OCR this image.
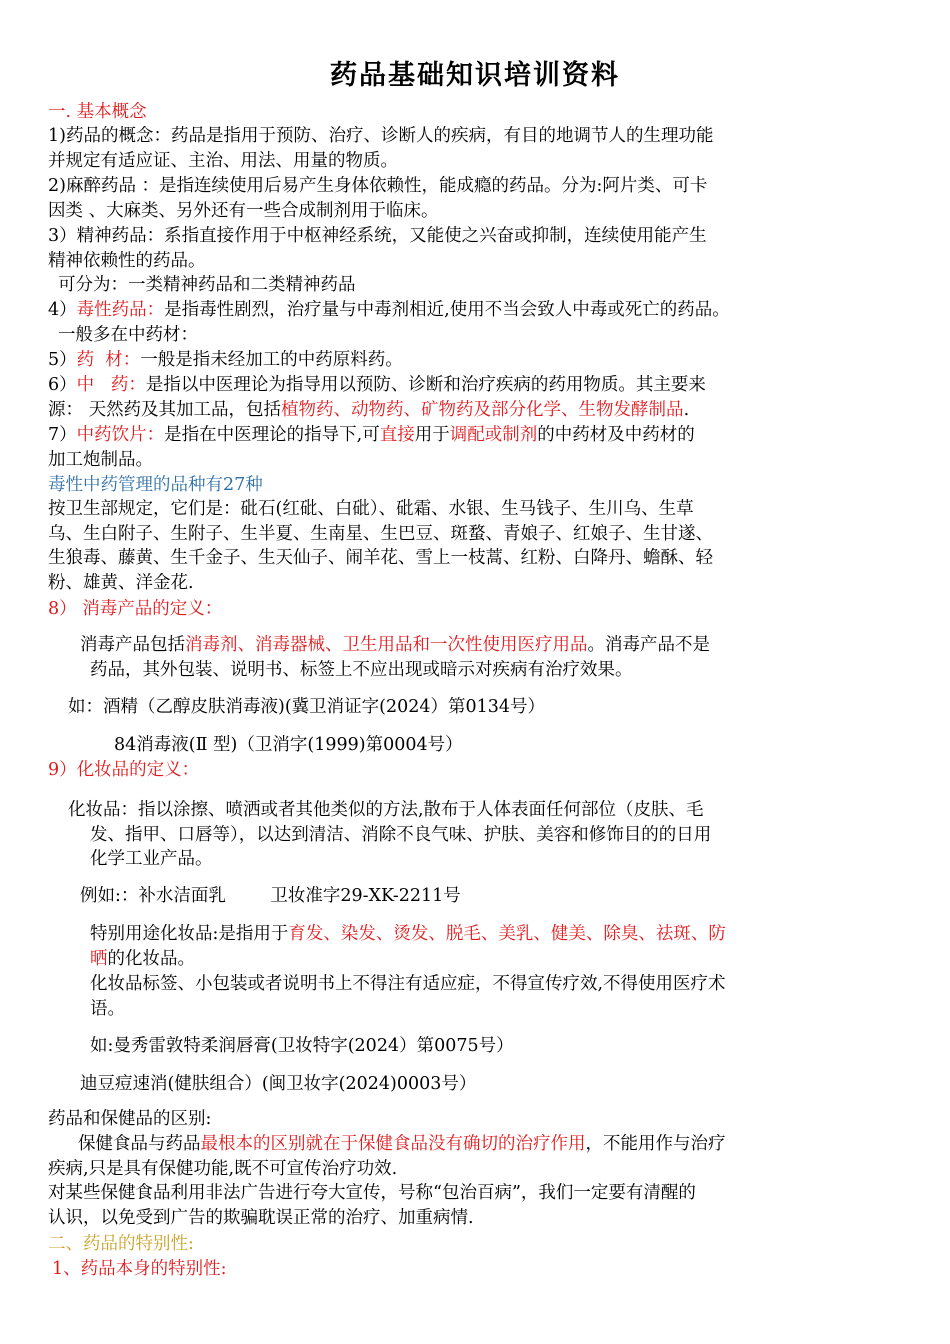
药品基础知识培训资料
一. 基本概念
1)药品的概念：药品是指用于预防、治疗、诊断人的疾病，有目的地调节人的生理功能
并规定有适应证、主治、用法、用量的物质。
2)麻醉药品 ：是指连续使用后易产生身体依赖性，能成瘾的药品。分为:阿片类、可卡
因类 、大麻类、另外还有一些合成制剂用于临床。
3）精神药品：系指直接作用于中枢神经系统，又能使之兴奋或抑制，连续使用能产生
精神依赖性的药品。
可分为：一类精神药品和二类精神药品
4）毒性药品：是指毒性剧烈，治疗量与中毒剂相近,使用不当会致人中毒或死亡的药品。
一般多在中药材：
5）药  材：一般是指未经加工的中药原料药。
6）中   药：是指以中医理论为指导用以预防、诊断和治疗疾病的药用物质。其主要来
源： 天然药及其加工品，包括植物药、动物药、矿物药及部分化学、生物发酵制品.
7）中药饮片：是指在中医理论的指导下,可直接用于调配或制剂的中药材及中药材的
加工炮制品。
毒性中药管理的品种有27种
按卫生部规定，它们是：砒石(红砒、白砒）、砒霜、水银、生马钱子、生川乌、生草
乌、生白附子、生附子、生半夏、生南星、生巴豆、斑蝥、青娘子、红娘子、生甘遂、
生狼毒、藤黄、生千金子、生天仙子、闹羊花、雪上一枝蒿、红粉、白降丹、蟾酥、轻
粉、雄黄、洋金花.
8） 消毒产品的定义：
消毒产品包括消毒剂、消毒器械、卫生用品和一次性使用医疗用品。消毒产品不是
药品，其外包装、说明书、标签上不应出现或暗示对疾病有治疗效果。
如：酒精（乙醇皮肤消毒液)(冀卫消证字(2024）第0134号）
84消毒液(Ⅱ 型)（卫消字(1999)第0004号）
9）化妆品的定义：
化妆品：指以涂擦、喷洒或者其他类似的方法,散布于人体表面任何部位（皮肤、毛
发、指甲、口唇等），以达到清洁、消除不良气味、护肤、美容和修饰目的的日用
化学工业产品。
例如:：补水洁面乳        卫妆准字29-XK-2211号
特别用途化妆品:是指用于育发、染发、烫发、脱毛、美乳、健美、除臭、祛斑、防
晒的化妆品。
化妆品标签、小包装或者说明书上不得注有适应症，不得宣传疗效,不得使用医疗术
语。
如:曼秀雷敦特柔润唇膏(卫妆特字(2024）第0075号）
迪豆痘速消(健肤组合）(闽卫妆字(2024)0003号）
药品和保健品的区别:
保健食品与药品最根本的区别就在于保健食品没有确切的治疗作用，不能用作与治疗
疾病,只是具有保健功能,既不可宣传治疗功效.
对某些保健食品利用非法广告进行夸大宣传，号称“包治百病”，我们一定要有清醒的
认识，以免受到广告的欺骗耽误正常的治疗、加重病情.
二、药品的特别性:
1、药品本身的特别性:
